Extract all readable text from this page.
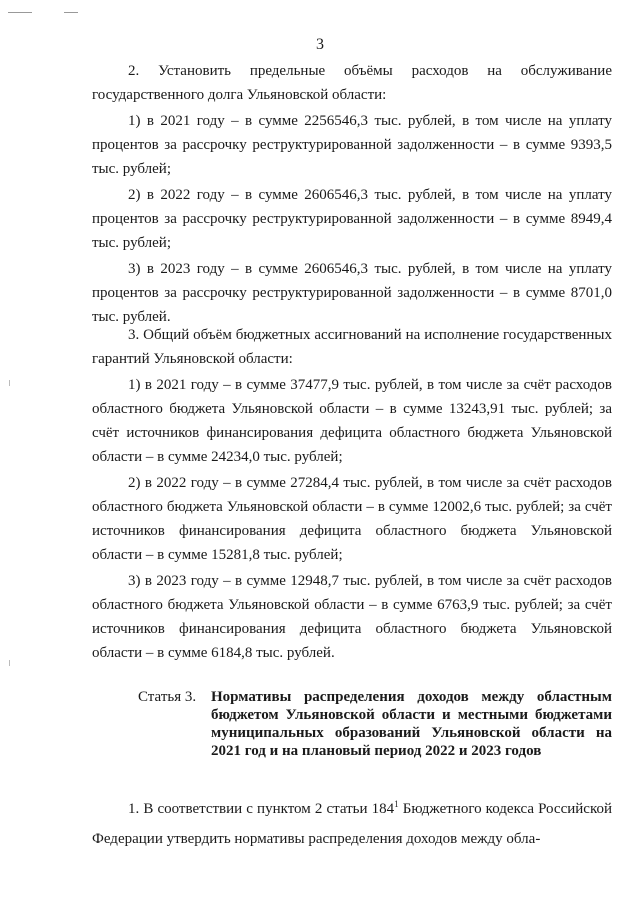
3

2. Установить предельные объёмы расходов на обслуживание государственного долга Ульяновской области:

1) в 2021 году – в сумме 2256546,3 тыс. рублей, в том числе на уплату процентов за рассрочку реструктурированной задолженности – в сумме 9393,5 тыс. рублей;

2) в 2022 году – в сумме 2606546,3 тыс. рублей, в том числе на уплату процентов за рассрочку реструктурированной задолженности – в сумме 8949,4 тыс. рублей;

3) в 2023 году – в сумме 2606546,3 тыс. рублей, в том числе на уплату процентов за рассрочку реструктурированной задолженности – в сумме 8701,0 тыс. рублей.

3. Общий объём бюджетных ассигнований на исполнение государственных гарантий Ульяновской области:

1) в 2021 году – в сумме 37477,9 тыс. рублей, в том числе за счёт расходов областного бюджета Ульяновской области – в сумме 13243,91 тыс. рублей; за счёт источников финансирования дефицита областного бюджета Ульяновской области – в сумме 24234,0 тыс. рублей;

2) в 2022 году – в сумме 27284,4 тыс. рублей, в том числе за счёт расходов областного бюджета Ульяновской области – в сумме 12002,6 тыс. рублей; за счёт источников финансирования дефицита областного бюджета Ульяновской области – в сумме 15281,8 тыс. рублей;

3) в 2023 году – в сумме 12948,7 тыс. рублей, в том числе за счёт расходов областного бюджета Ульяновской области – в сумме 6763,9 тыс. рублей; за счёт источников финансирования дефицита областного бюджета Ульяновской области – в сумме 6184,8 тыс. рублей.

Статья 3. Нормативы распределения доходов между областным бюджетом Ульяновской области и местными бюджетами муниципальных образований Ульяновской области на 2021 год и на плановый период 2022 и 2023 годов

1. В соответствии с пунктом 2 статьи $184^1$ Бюджетного кодекса Российской Федерации утвердить нормативы распределения доходов между обла-
